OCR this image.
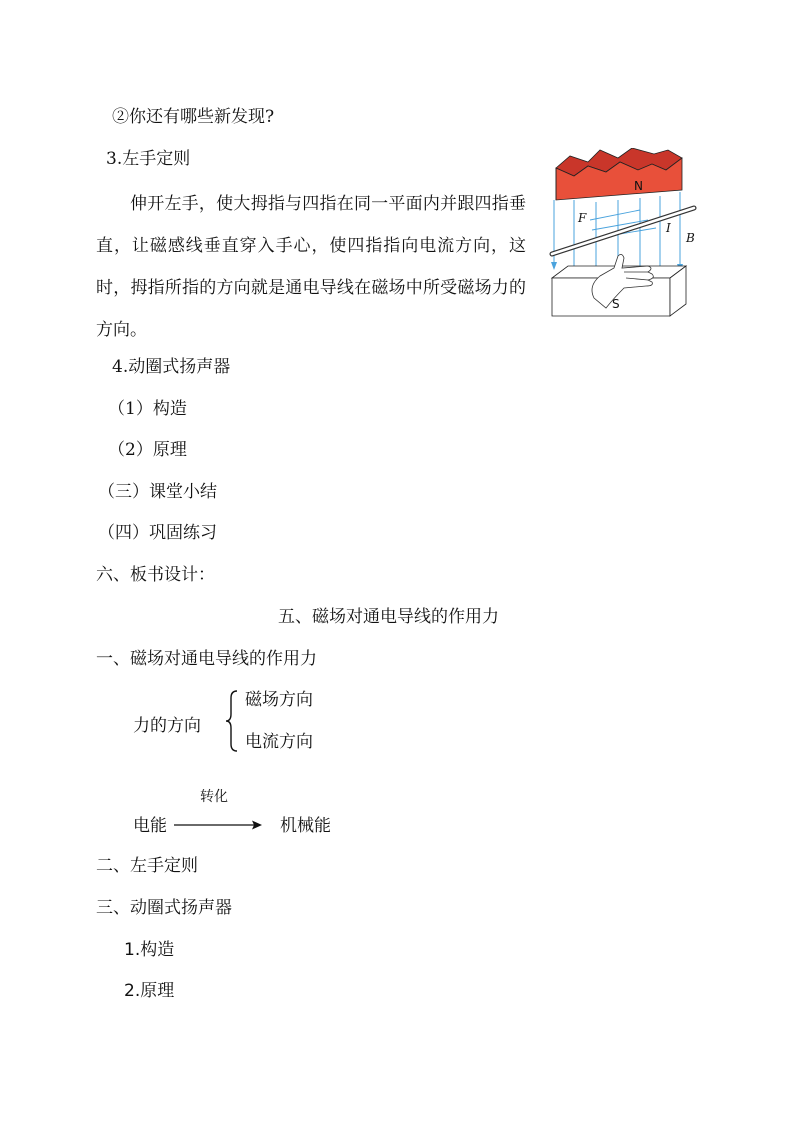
②你还有哪些新发现?

3.左手定则

伸开左手，使大拇指与四指在同一平面内并跟四指垂直，让磁感线垂直穿入手心，使四指指向电流方向，这时，拇指所指的方向就是通电导线在磁场中所受磁场力的方向。

4.动圈式扬声器

（1）构造

（2）原理

（三）课堂小结

（四）巩固练习

六、板书设计：

五、磁场对通电导线的作用力

一、磁场对通电导线的作用力

力的方向

磁场方向

电流方向

转化

电能	机械能

二、左手定则

三、动圈式扬声器

1.构造

2.原理

N
F
I
B
S
